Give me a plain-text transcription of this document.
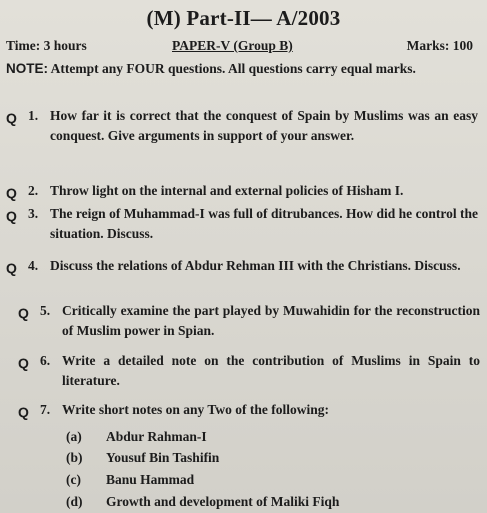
(M) Part-II— A/2003
Time: 3 hours	PAPER-V (Group B)	Marks: 100
NOTE: Attempt any FOUR questions. All questions carry equal marks.
Q 1. How far it is correct that the conquest of Spain by Muslims was an easy conquest. Give arguments in support of your answer.
Q 2. Throw light on the internal and external policies of Hisham I.
Q 3. The reign of Muhammad-I was full of ditrubances. How did he control the situation. Discuss.
Q 4. Discuss the relations of Abdur Rehman III with the Christians. Discuss.
Q 5. Critically examine the part played by Muwahidin for the reconstruction of Muslim power in Spian.
Q 6. Write a detailed note on the contribution of Muslims in Spain to literature.
Q 7. Write short notes on any Two of the following:
(a) Abdur Rahman-I
(b) Yousuf Bin Tashifin
(c) Banu Hammad
(d) Growth and development of Maliki Fiqh
